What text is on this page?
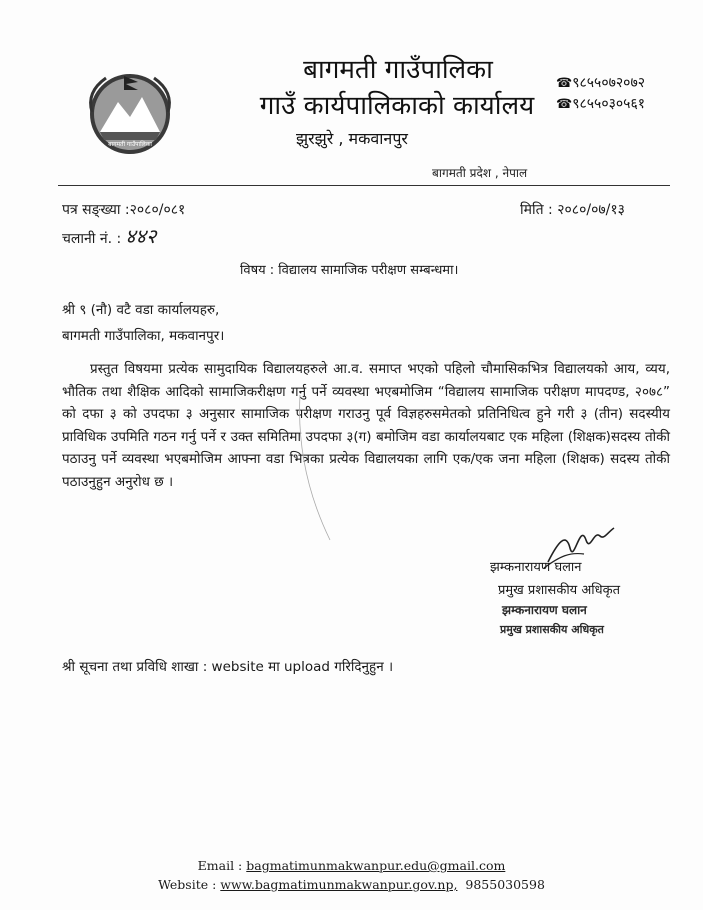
बागमती गाउँपालिका
बागमती गाउँपालिका
गाउँ कार्यपालिकाको कार्यालय
झुरझुरे , मकवानपुर
☎९८५५०७२०७२
☎९८५५०३०५६१
बागमती प्रदेश , नेपाल
पत्र सङ्ख्या :२०८०/०८१	मिति : २०८०/०७/१३
चलानी नं. : ४४२
विषय : विद्यालय सामाजिक परीक्षण सम्बन्धमा।
श्री ९ (नौ) वटै वडा कार्यालयहरु,
बागमती गाउँपालिका, मकवानपुर।
प्रस्तुत विषयमा प्रत्येक सामुदायिक विद्यालयहरुले आ.व. समाप्त भएको पहिलो चौमासिकभित्र विद्यालयको आय, व्यय, भौतिक तथा शैक्षिक आदिको सामाजिकरीक्षण गर्नु पर्ने व्यवस्था भएबमोजिम “विद्यालय सामाजिक परीक्षण मापदण्ड, २०७८” को दफा ३ को उपदफा ३ अनुसार सामाजिक परीक्षण गराउनु पूर्व विज्ञहरुसमेतको प्रतिनिधित्व हुने गरी ३ (तीन) सदस्यीय प्राविधिक उपमिति गठन गर्नु पर्ने र उक्त समितिमा उपदफा ३(ग) बमोजिम वडा कार्यालयबाट एक महिला (शिक्षक)सदस्य तोकी पठाउनु पर्ने व्यवस्था भएबमोजिम आफ्ना वडा भित्रका प्रत्येक विद्यालयका लागि एक/एक जना महिला (शिक्षक) सदस्य तोकी पठाउनुहुन अनुरोध छ ।
झम्कनारायण घलान
प्रमुख प्रशासकीय अधिकृत
झम्कनारायण घलान
प्रमुख प्रशासकीय अधिकृत
श्री सूचना तथा प्रविधि शाखा : website मा upload गरिदिनुहुन ।
Email : bagmatimunmakwanpur.edu@gmail.com
Website : www.bagmatimunmakwanpur.gov.np, 9855030598
